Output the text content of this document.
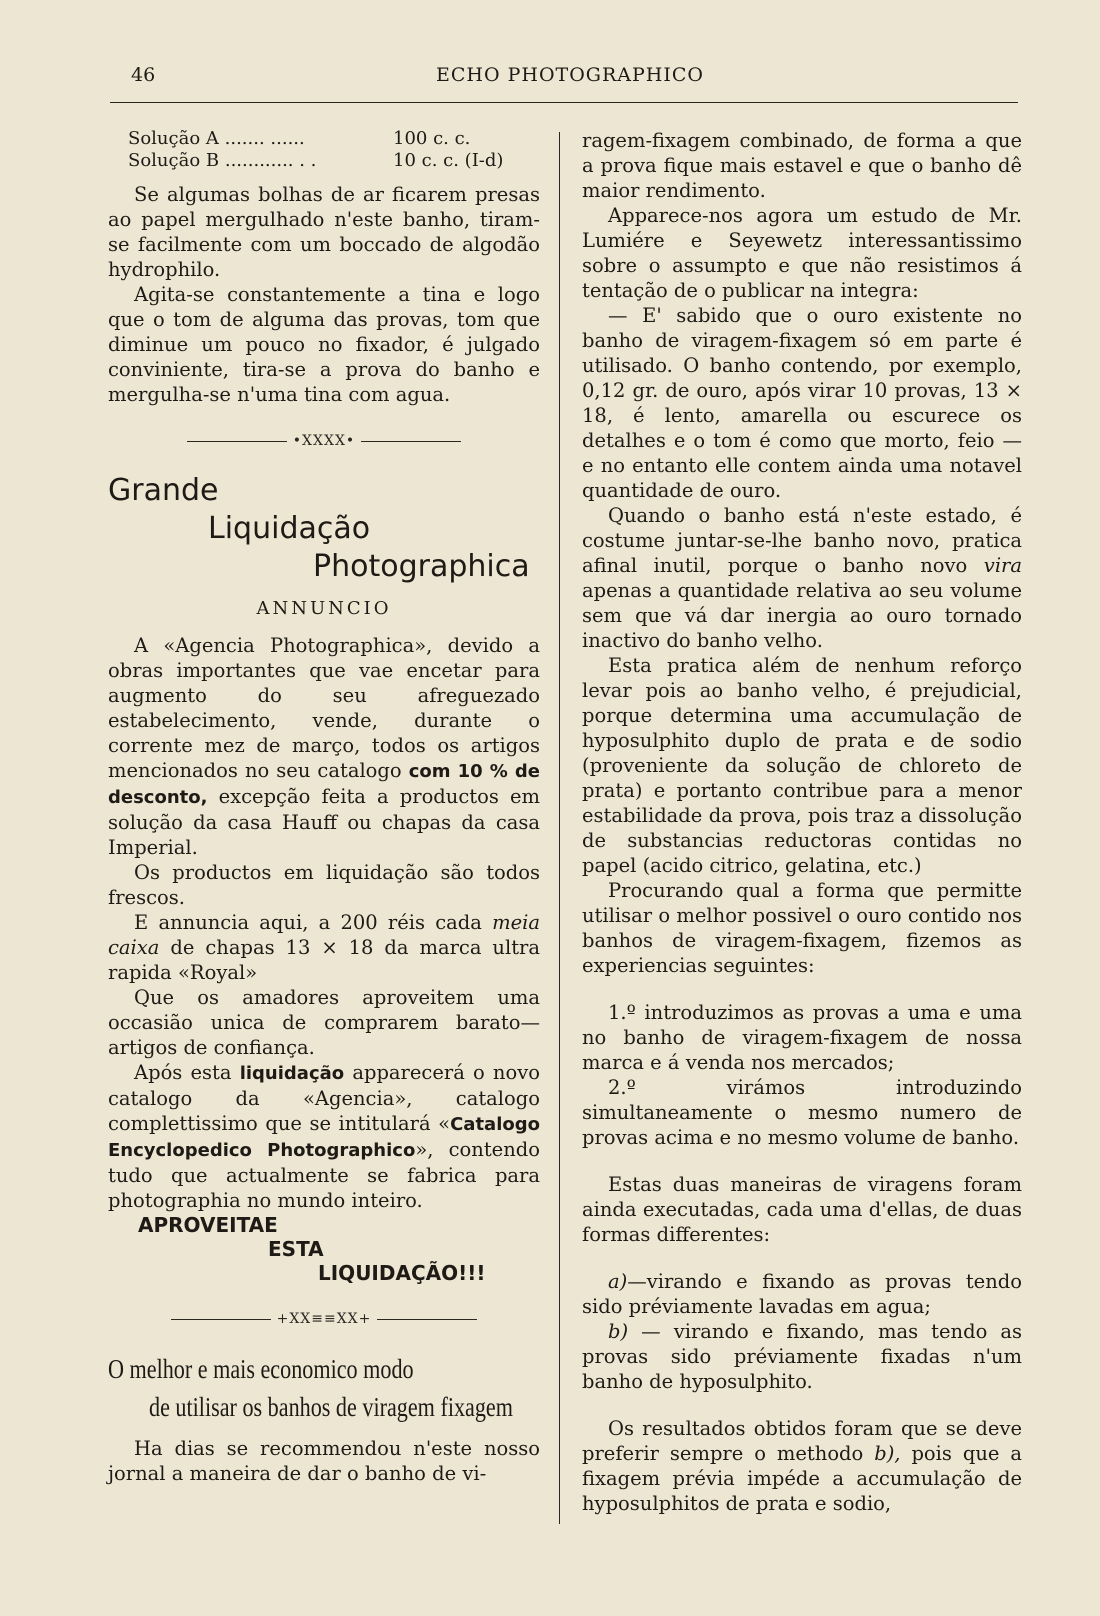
46	ECHO PHOTOGRAPHICO
Solução A ....... ......	100 c. c.
Solução B ............ . .	10 c. c. (I-d)

Se algumas bolhas de ar ficarem presas ao papel mergulhado n'este banho, tiram-se facilmente com um boccado de algodão hydrophilo.

Agita-se constantemente a tina e logo que o tom de alguma das provas, tom que diminue um pouco no fixador, é julgado conviniente, tira-se a prova do banho e mergulha-se n'uma tina com agua.

•XXXX•

Grande

Liquidação

Photographica

ANNUNCIO

A «Agencia Photographica», devido a obras importantes que vae encetar para augmento do seu afreguezado estabelecimento, vende, durante o corrente mez de março, todos os artigos mencionados no seu catalogo com 10 % de desconto, excepção feita a productos em solução da casa Hauff ou chapas da casa Imperial.

Os productos em liquidação são todos frescos.

E annuncia aqui, a 200 réis cada meia caixa de chapas 13 × 18 da marca ultra rapida «Royal»

Que os amadores aproveitem uma occasião unica de comprarem barato—artigos de confiança.

Após esta liquidação apparecerá o novo catalogo da «Agencia», catalogo complettissimo que se intitulará «Catalogo Encyclopedico Photographico», contendo tudo que actualmente se fabrica para photographia no mundo inteiro.

APROVEITAE
ESTA
LIQUIDAÇÃO!!!
+XX≡≡XX+

O melhor e mais economico modo

de utilisar os banhos de viragem fixagem

Ha dias se recommendou n'este nosso jornal a maneira de dar o banho de vi-

ragem-fixagem combinado, de forma a que a prova fique mais estavel e que o banho dê maior rendimento.

Apparece-nos agora um estudo de Mr. Lumiére e Seyewetz interessantissimo sobre o assumpto e que não resistimos á tentação de o publicar na integra:

— E' sabido que o ouro existente no banho de viragem-fixagem só em parte é utilisado. O banho contendo, por exemplo, 0,12 gr. de ouro, após virar 10 provas, 13 × 18, é lento, amarella ou escurece os detalhes e o tom é como que morto, feio — e no entanto elle contem ainda uma notavel quantidade de ouro.

Quando o banho está n'este estado, é costume juntar-se-lhe banho novo, pratica afinal inutil, porque o banho novo vira apenas a quantidade relativa ao seu volume sem que vá dar inergia ao ouro tornado inactivo do banho velho.

Esta pratica além de nenhum reforço levar pois ao banho velho, é prejudicial, porque determina uma accumulação de hyposulphito duplo de prata e de sodio (proveniente da solução de chloreto de prata) e portanto contribue para a menor estabilidade da prova, pois traz a dissolução de substancias reductoras contidas no papel (acido citrico, gelatina, etc.)

Procurando qual a forma que permitte utilisar o melhor possivel o ouro contido nos banhos de viragem-fixagem, fizemos as experiencias seguintes:

1.º introduzimos as provas a uma e uma no banho de viragem-fixagem de nossa marca e á venda nos mercados;

2.º virámos introduzindo simultaneamente o mesmo numero de provas acima e no mesmo volume de banho.

Estas duas maneiras de viragens foram ainda executadas, cada uma d'ellas, de duas formas differentes:

a)—virando e fixando as provas tendo sido préviamente lavadas em agua;

b) — virando e fixando, mas tendo as provas sido préviamente fixadas n'um banho de hyposulphito.

Os resultados obtidos foram que se deve preferir sempre o methodo b), pois que a fixagem prévia impéde a accumulação de hyposulphitos de prata e sodio,
